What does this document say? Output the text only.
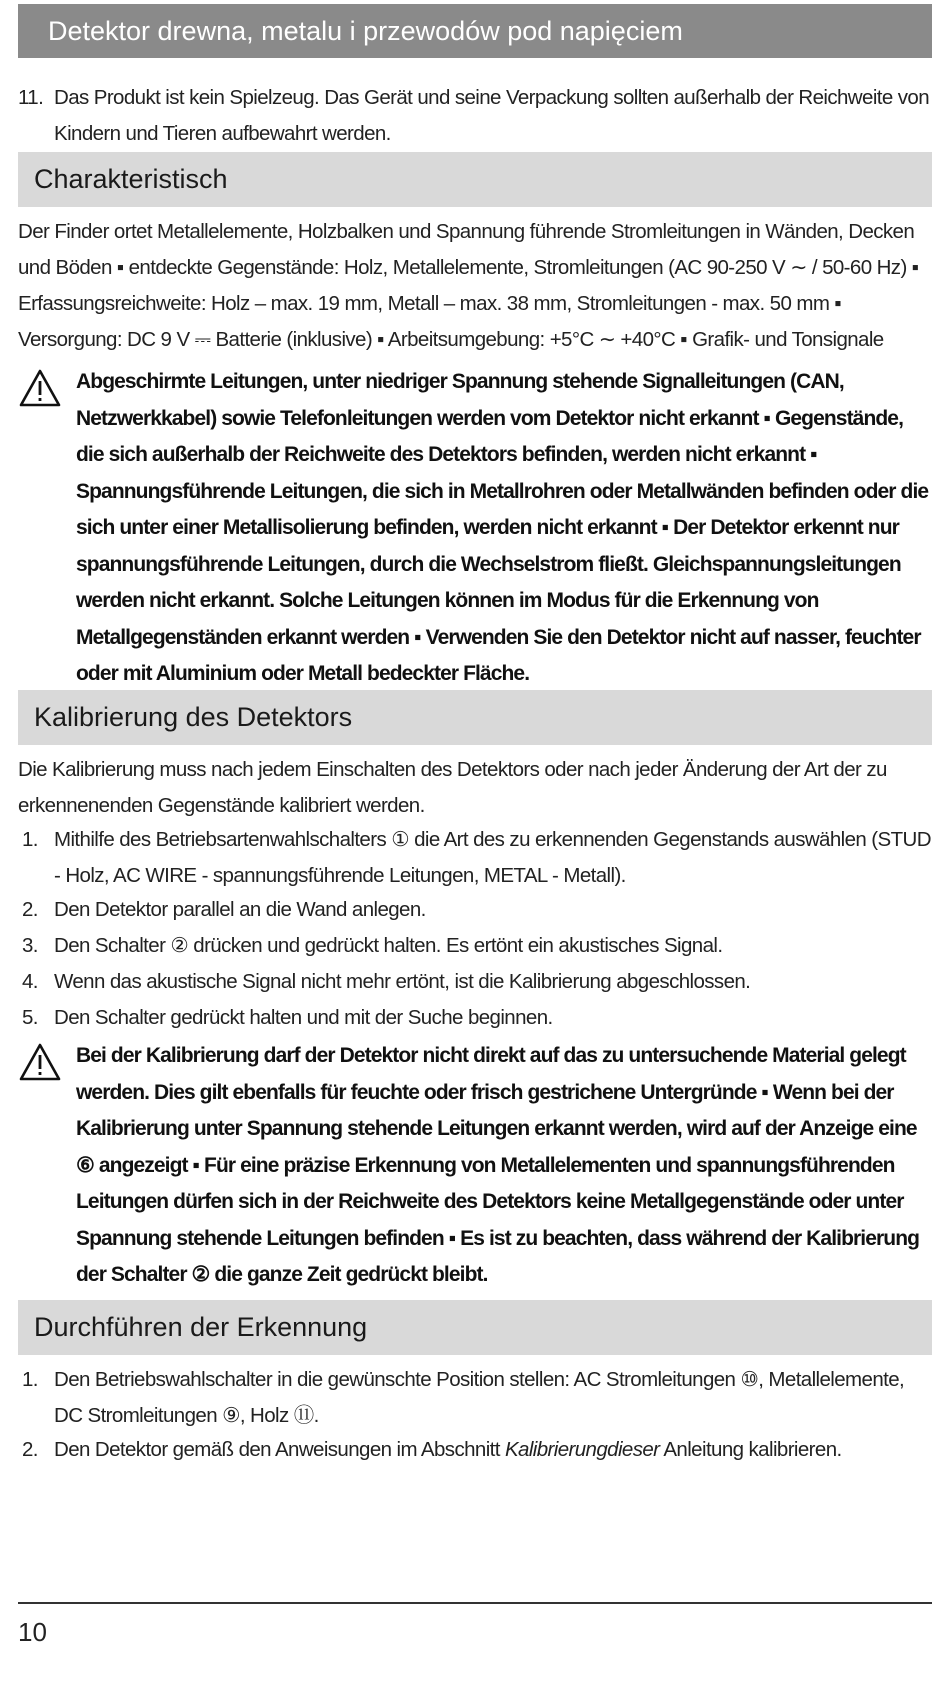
Detektor drewna, metalu i przewodów pod napięciem
11. Das Produkt ist kein Spielzeug. Das Gerät und seine Verpackung sollten außerhalb der Reichweite von Kindern und Tieren aufbewahrt werden.
Charakteristisch
Der Finder ortet Metallelemente, Holzbalken und Spannung führende Stromleitungen in Wänden, Decken und Böden ▪ entdeckte Gegenstände: Holz, Metallelemente, Stromleitungen (AC 90-250 V ∼ / 50-60 Hz) ▪ Erfassungsreichweite: Holz – max. 19 mm, Metall – max. 38 mm, Stromleitungen - max. 50 mm ▪ Versorgung: DC 9 V ⎓ Batterie (inklusive) ▪ Arbeitsumgebung: +5°C ∼ +40°C ▪ Grafik- und Tonsignale
Abgeschirmte Leitungen, unter niedriger Spannung stehende Signalleitungen (CAN, Netzwerkkabel) sowie Telefonleitungen werden vom Detektor nicht erkannt ▪ Gegenstände, die sich außerhalb der Reichweite des Detektors befinden, werden nicht erkannt ▪ Spannungsführende Leitungen, die sich in Metallrohren oder Metallwänden befinden oder die sich unter einer Metallisolierung befinden, werden nicht erkannt ▪ Der Detektor erkennt nur spannungsführende Leitungen, durch die Wechselstrom fließt. Gleichspannungsleitungen werden nicht erkannt. Solche Leitungen können im Modus für die Erkennung von Metallgegenständen erkannt werden ▪ Verwenden Sie den Detektor nicht auf nasser, feuchter oder mit Aluminium oder Metall bedeckter Fläche.
Kalibrierung des Detektors
Die Kalibrierung muss nach jedem Einschalten des Detektors oder nach jeder Änderung der Art der zu erkennenenden Gegenstände kalibriert werden.
1. Mithilfe des Betriebsartenwahlschalters ① die Art des zu erkennenden Gegenstands auswählen (STUD - Holz, AC WIRE - spannungsführende Leitungen, METAL - Metall).
2. Den Detektor parallel an die Wand anlegen.
3. Den Schalter ② drücken und gedrückt halten. Es ertönt ein akustisches Signal.
4. Wenn das akustische Signal nicht mehr ertönt, ist die Kalibrierung abgeschlossen.
5. Den Schalter gedrückt halten und mit der Suche beginnen.
Bei der Kalibrierung darf der Detektor nicht direkt auf das zu untersuchende Material gelegt werden. Dies gilt ebenfalls für feuchte oder frisch gestrichene Untergründe ▪ Wenn bei der Kalibrierung unter Spannung stehende Leitungen erkannt werden, wird auf der Anzeige eine ⑥ angezeigt ▪ Für eine präzise Erkennung von Metallelementen und spannungsführenden Leitungen dürfen sich in der Reichweite des Detektors keine Metallgegenstände oder unter Spannung stehende Leitungen befinden ▪ Es ist zu beachten, dass während der Kalibrierung der Schalter ② die ganze Zeit gedrückt bleibt.
Durchführen der Erkennung
1. Den Betriebswahlschalter in die gewünschte Position stellen: AC Stromleitungen ⑩, Metallelemente, DC Stromleitungen ⑨, Holz ⑪.
2. Den Detektor gemäß den Anweisungen im Abschnitt Kalibrierungdieser Anleitung kalibrieren.
10
